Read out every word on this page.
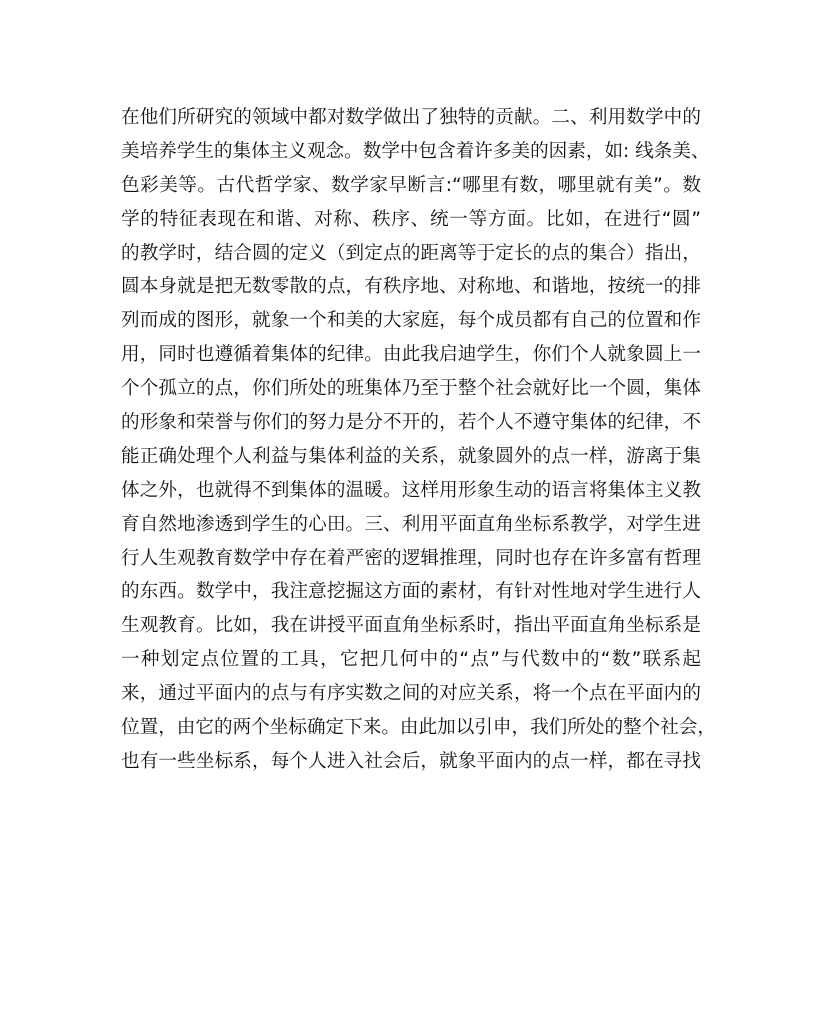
在他们所研究的领域中都对数学做出了独特的贡献。二、利用数学中的
美培养学生的集体主义观念。数学中包含着许多美的因素，如: 线条美、
色彩美等。古代哲学家、数学家早断言:“哪里有数，哪里就有美”。数
学的特征表现在和谐、对称、秩序、统一等方面。比如，在进行“圆”
的教学时，结合圆的定义（到定点的距离等于定长的点的集合）指出，
圆本身就是把无数零散的点，有秩序地、对称地、和谐地，按统一的排
列而成的图形，就象一个和美的大家庭，每个成员都有自己的位置和作
用，同时也遵循着集体的纪律。由此我启迪学生，你们个人就象圆上一
个个孤立的点，你们所处的班集体乃至于整个社会就好比一个圆，集体
的形象和荣誉与你们的努力是分不开的，若个人不遵守集体的纪律，不
能正确处理个人利益与集体利益的关系，就象圆外的点一样，游离于集
体之外，也就得不到集体的温暖。这样用形象生动的语言将集体主义教
育自然地渗透到学生的心田。三、利用平面直角坐标系教学，对学生进
行人生观教育数学中存在着严密的逻辑推理，同时也存在许多富有哲理
的东西。数学中，我注意挖掘这方面的素材，有针对性地对学生进行人
生观教育。比如，我在讲授平面直角坐标系时，指出平面直角坐标系是
一种划定点位置的工具，它把几何中的“点”与代数中的“数”联系起
来，通过平面内的点与有序实数之间的对应关系，将一个点在平面内的
位置，由它的两个坐标确定下来。由此加以引申，我们所处的整个社会，
也有一些坐标系，每个人进入社会后，就象平面内的点一样，都在寻找
